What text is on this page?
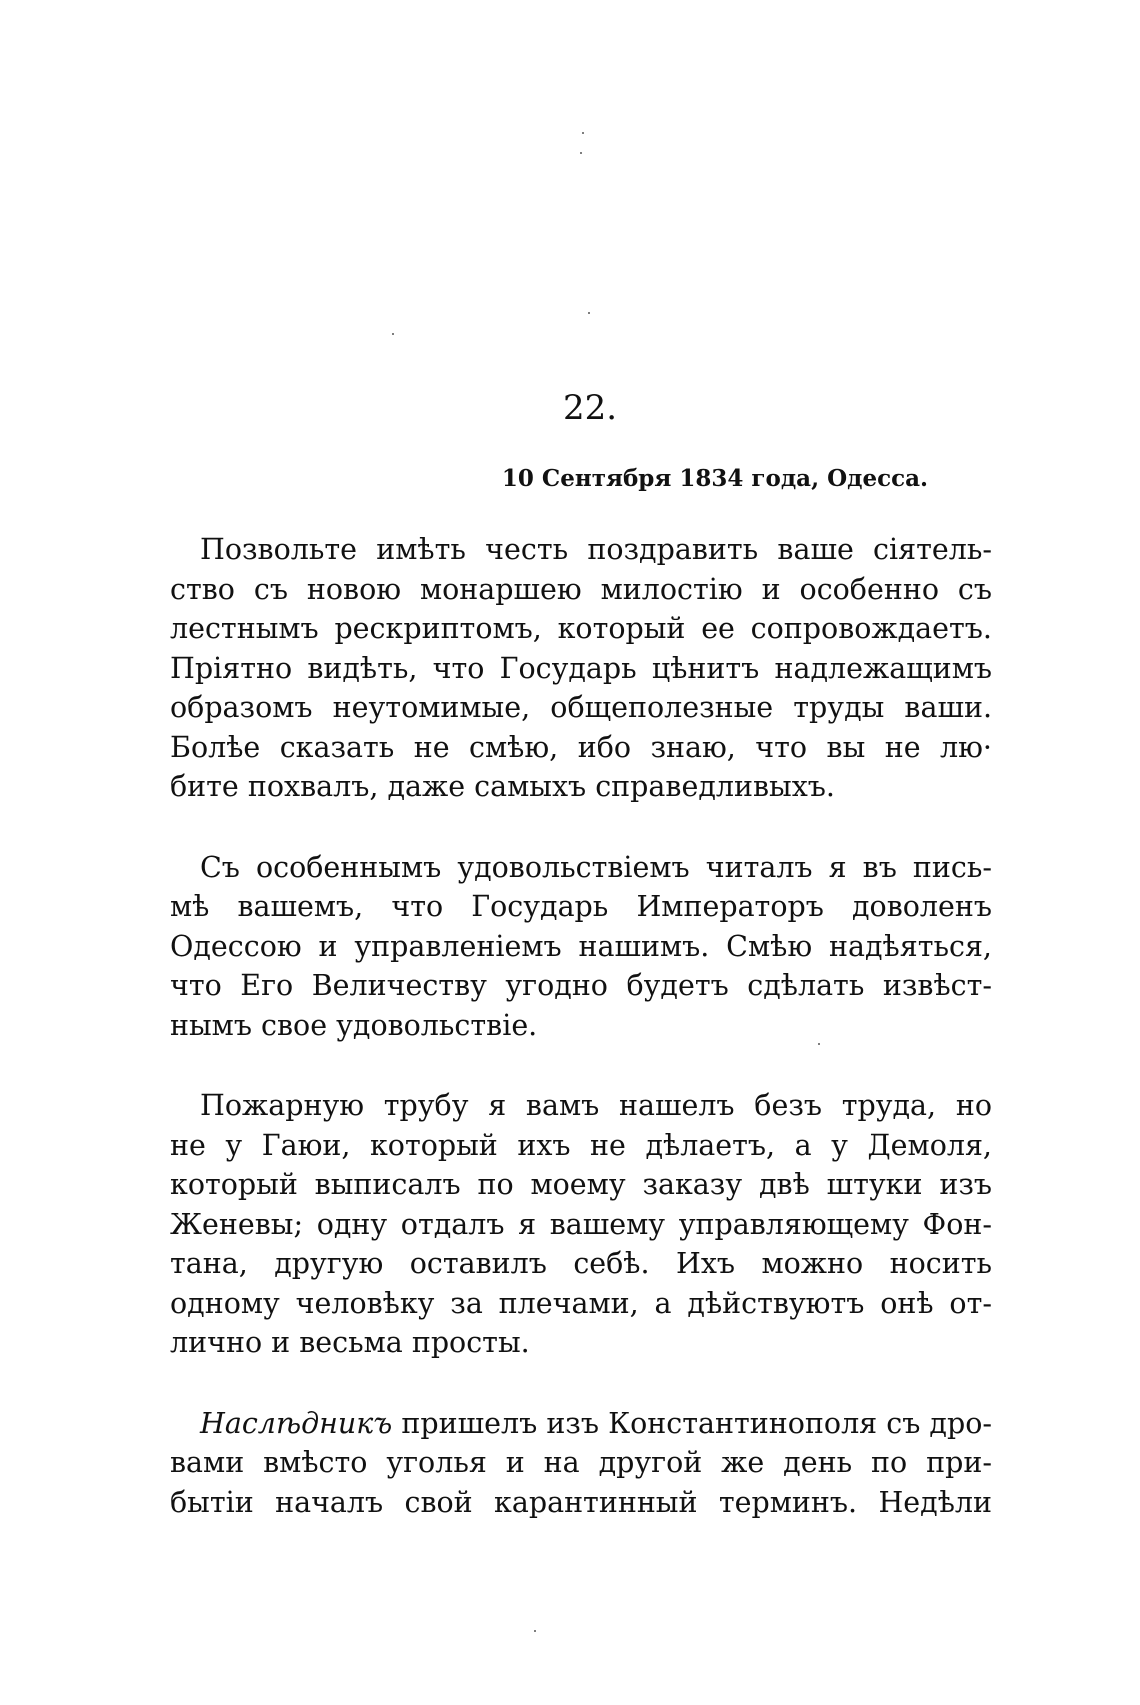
22.
10 Сентября 1834 года, Одесса.

Позвольте имѣть честь поздравить ваше сіятель-
ство съ новою монаршею милостію и особенно съ
лестнымъ рескриптомъ, который ее сопровождаетъ.
Пріятно видѣть, что Государь цѣнитъ надлежащимъ
образомъ неутомимые, общеполезные труды ваши.
Болѣе сказать не смѣю, ибо знаю, что вы не лю·
бите похвалъ, даже самыхъ справедливыхъ.

Съ особеннымъ удовольствіемъ читалъ я въ пись-
мѣ вашемъ, что Государь Императоръ доволенъ
Одессою и управленіемъ нашимъ. Смѣю надѣяться,
что Его Величеству угодно будетъ сдѣлать извѣст-
нымъ свое удовольствіе.

Пожарную трубу я вамъ нашелъ безъ труда, но
не у Гаюи, который ихъ не дѣлаетъ, а у Демоля,
который выписалъ по моему заказу двѣ штуки изъ
Женевы; одну отдалъ я вашему управляющему Фон-
тана, другую оставилъ себѣ. Ихъ можно носить
одному человѣку за плечами, а дѣйствуютъ онѣ от-
лично и весьма просты.

Наслѣдникъ пришелъ изъ Константинополя съ дро-
вами вмѣсто уголья и на другой же день по при-
бытіи началъ свой карантинный терминъ. Недѣли
